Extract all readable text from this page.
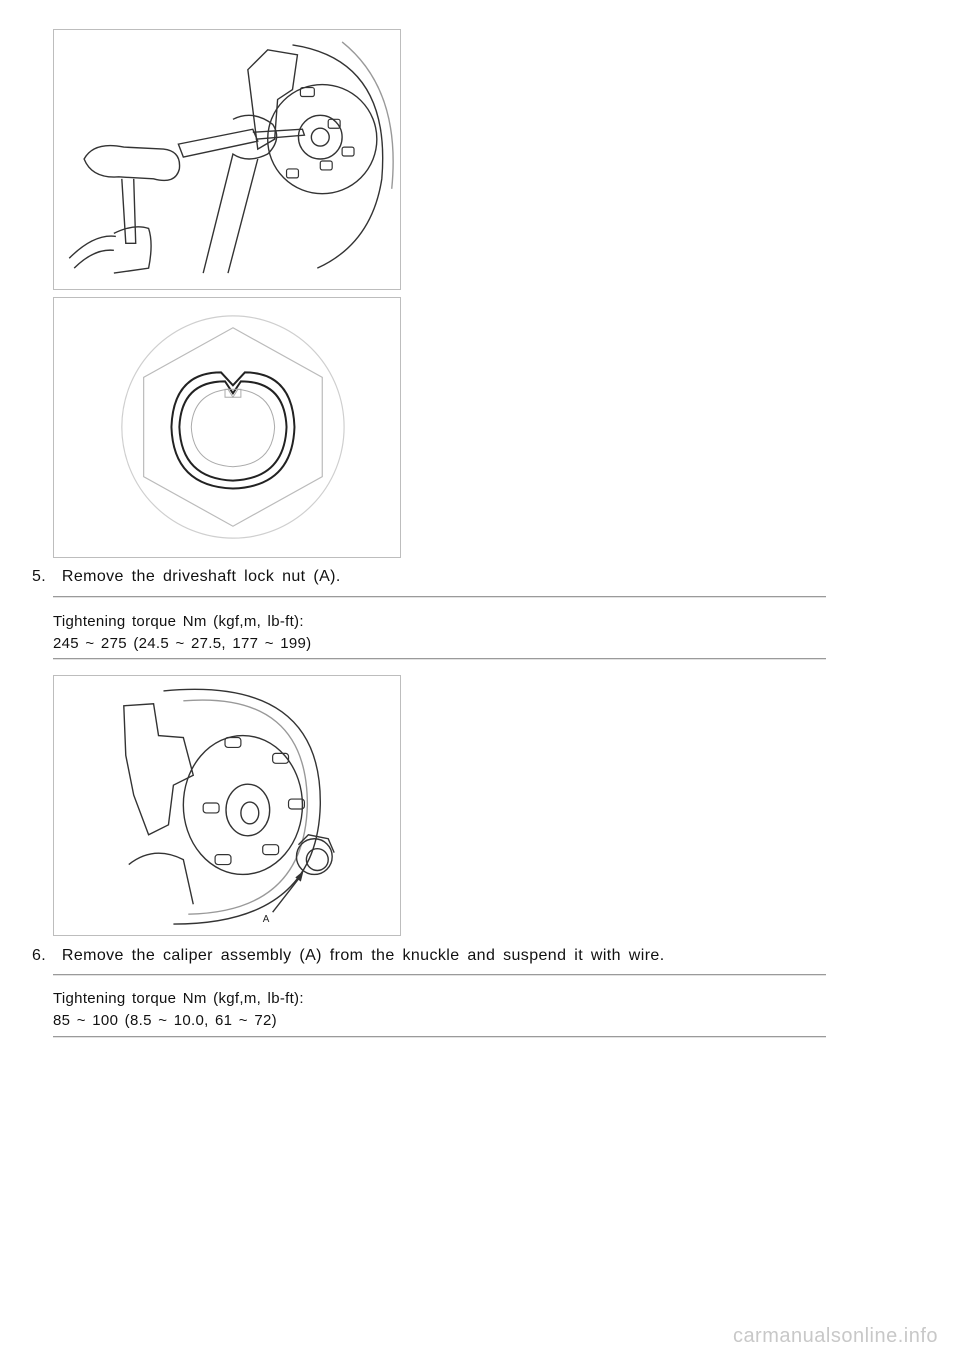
5. Remove the driveshaft lock nut (A).
Tightening torque Nm (kgf,m, lb-ft):
245 ~ 275 (24.5 ~ 27.5, 177 ~ 199)
A
6. Remove the caliper assembly (A) from the knuckle and suspend it with wire.
Tightening torque Nm (kgf,m, lb-ft):
85 ~ 100 (8.5 ~ 10.0, 61 ~ 72)
carmanualsonline.info
